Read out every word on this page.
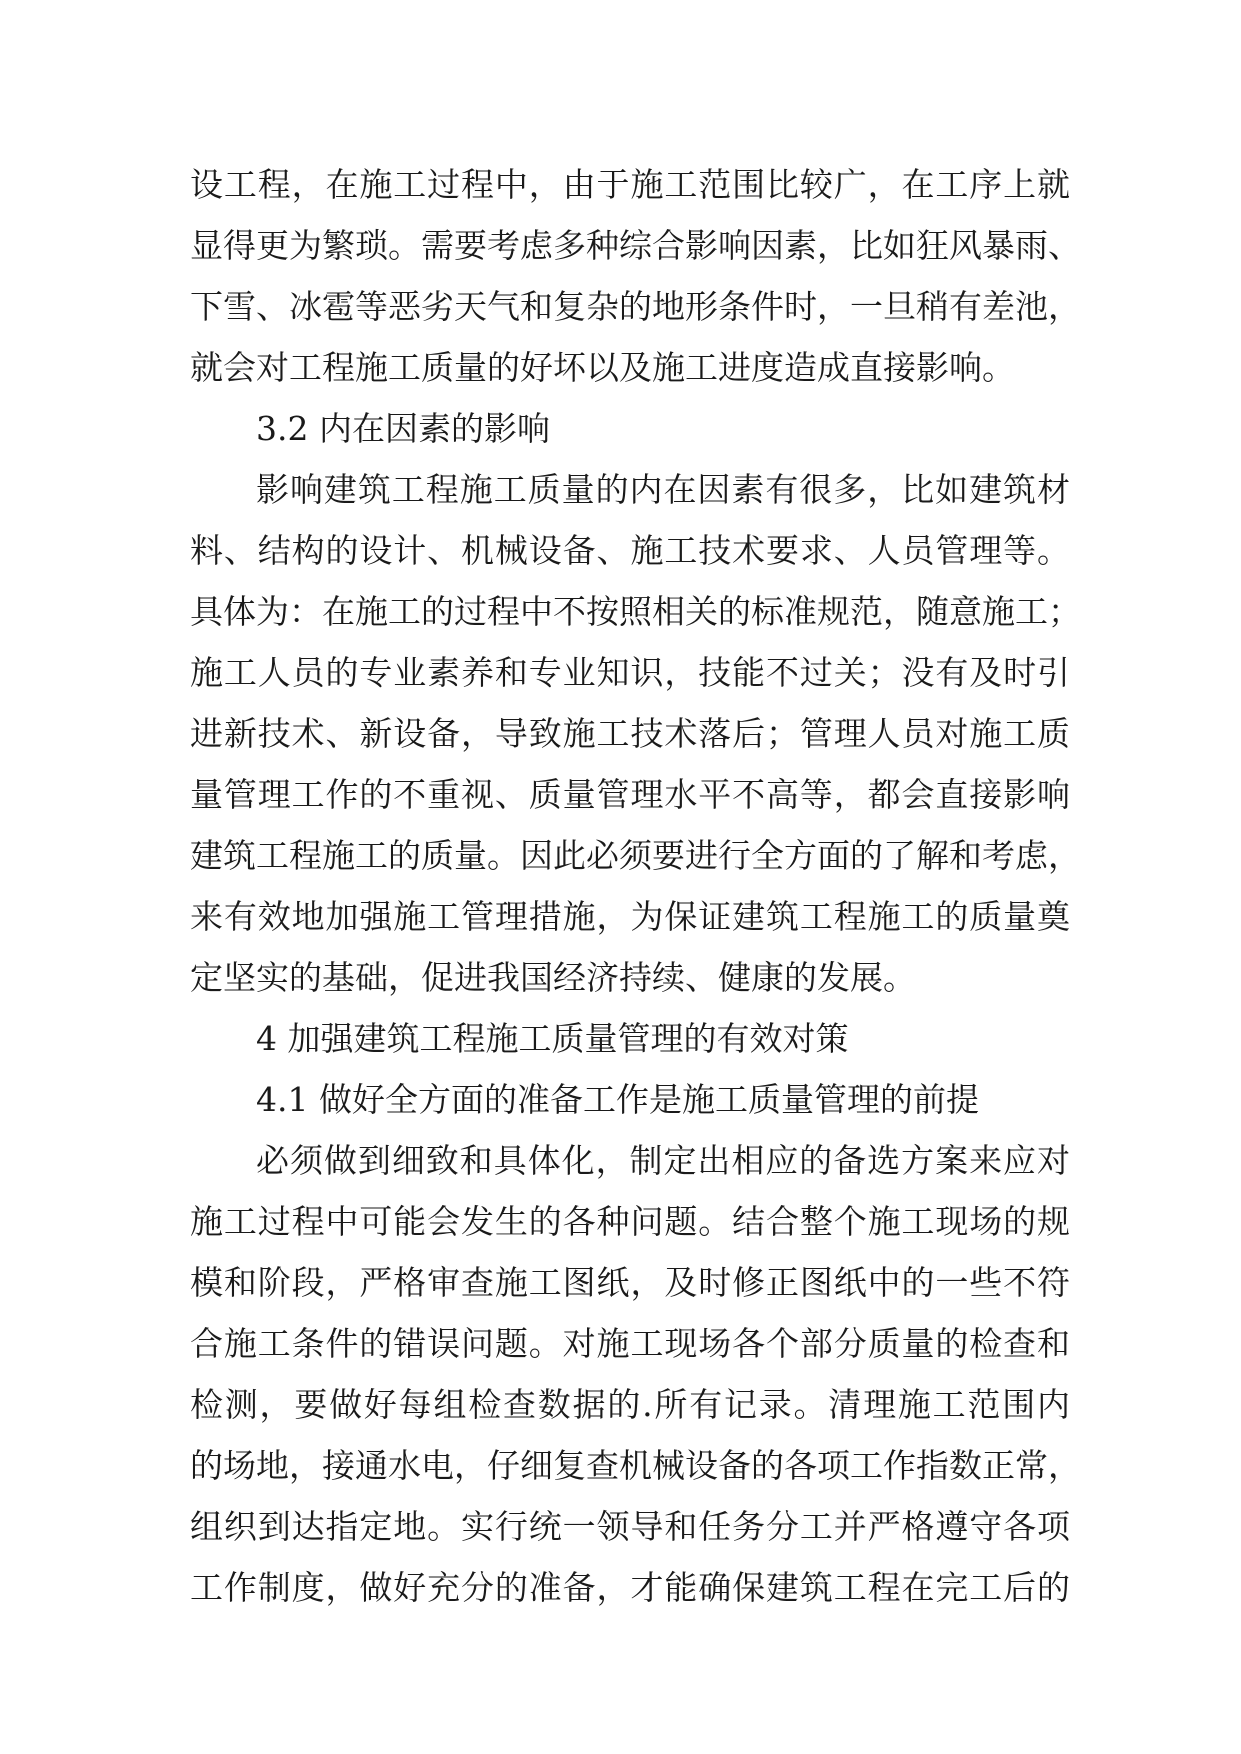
设工程，在施工过程中，由于施工范围比较广，在工序上就
显得更为繁琐。需要考虑多种综合影响因素，比如狂风暴雨、
下雪、冰雹等恶劣天气和复杂的地形条件时，一旦稍有差池，
就会对工程施工质量的好坏以及施工进度造成直接影响。
3.2 内在因素的影响
影响建筑工程施工质量的内在因素有很多，比如建筑材
料、结构的设计、机械设备、施工技术要求、人员管理等。
具体为：在施工的过程中不按照相关的标准规范，随意施工；
施工人员的专业素养和专业知识，技能不过关；没有及时引
进新技术、新设备，导致施工技术落后；管理人员对施工质
量管理工作的不重视、质量管理水平不高等，都会直接影响
建筑工程施工的质量。因此必须要进行全方面的了解和考虑，
来有效地加强施工管理措施，为保证建筑工程施工的质量奠
定坚实的基础，促进我国经济持续、健康的发展。
4 加强建筑工程施工质量管理的有效对策
4.1 做好全方面的准备工作是施工质量管理的前提
必须做到细致和具体化，制定出相应的备选方案来应对
施工过程中可能会发生的各种问题。结合整个施工现场的规
模和阶段，严格审查施工图纸，及时修正图纸中的一些不符
合施工条件的错误问题。对施工现场各个部分质量的检查和
检测，要做好每组检查数据的.所有记录。清理施工范围内
的场地，接通水电，仔细复查机械设备的各项工作指数正常，
组织到达指定地。实行统一领导和任务分工并严格遵守各项
工作制度，做好充分的准备，才能确保建筑工程在完工后的
